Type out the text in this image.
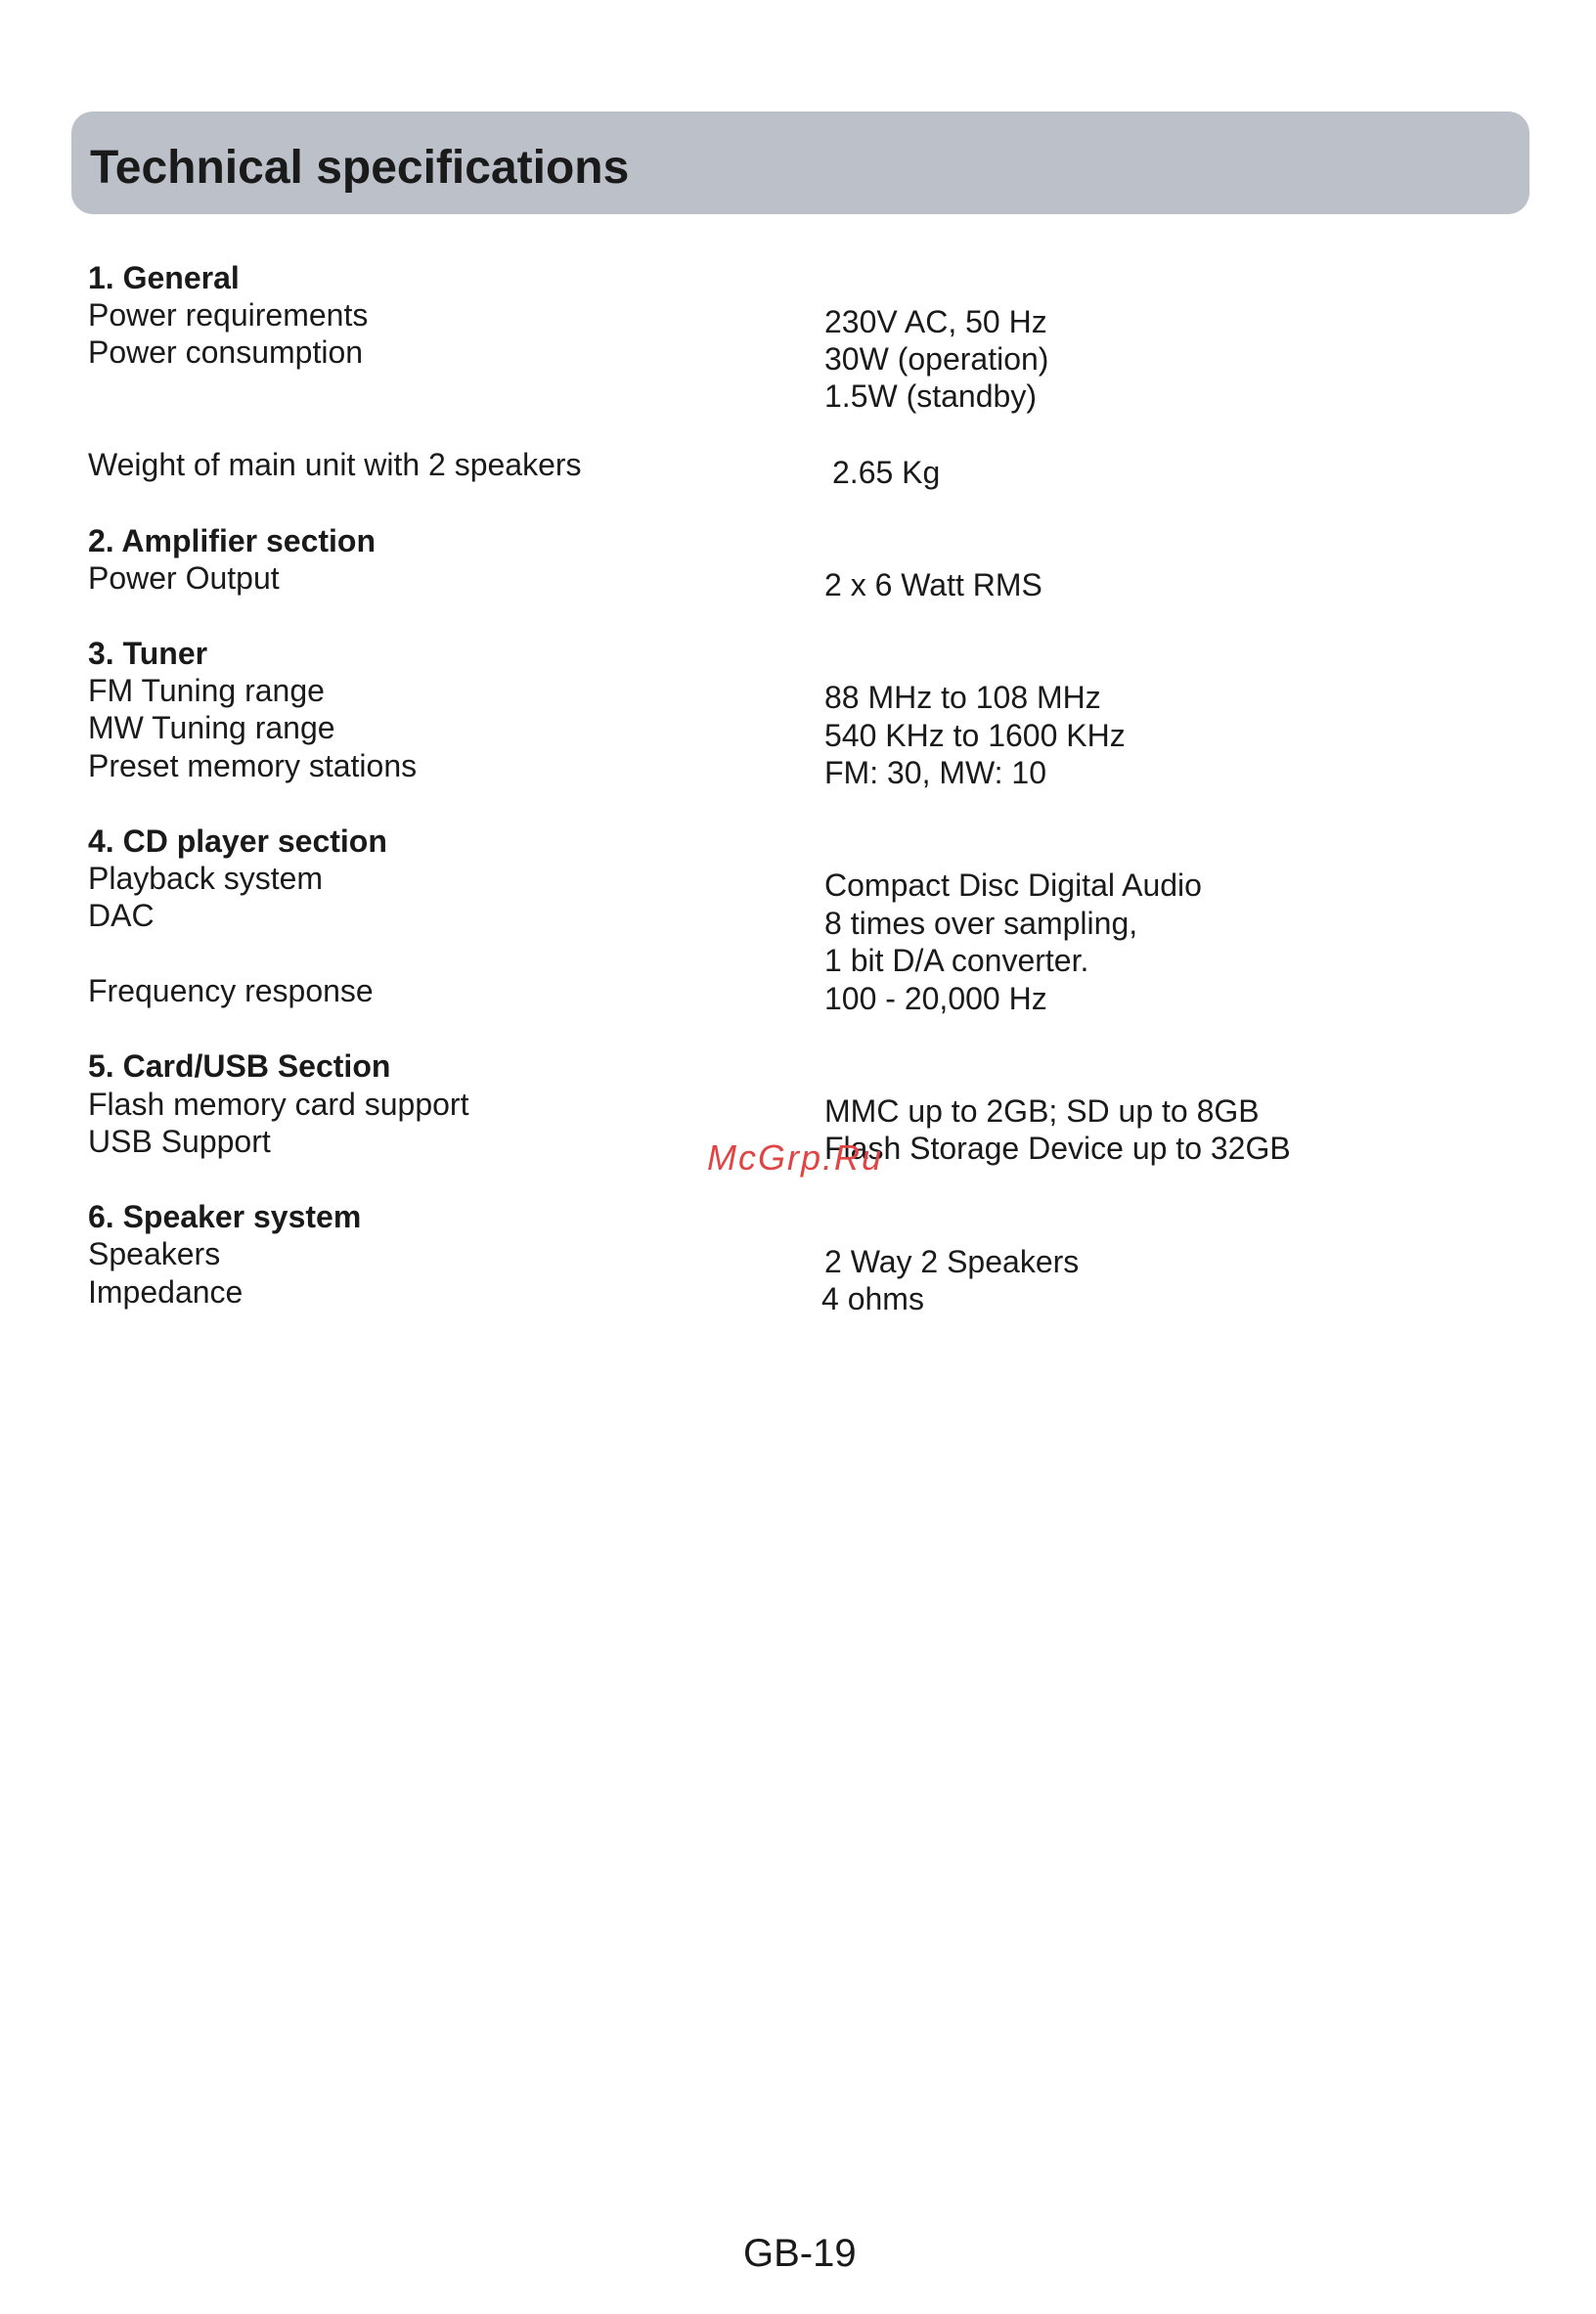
Technical specifications
1. General
Power requirements	230V AC, 50 Hz
Power consumption	30W (operation)
1.5W (standby)
Weight of main unit with 2 speakers	2.65 Kg
2. Amplifier section
Power Output	2 x 6 Watt RMS
3. Tuner
FM Tuning range	88 MHz to 108 MHz
MW Tuning range	540 KHz to 1600 KHz
Preset memory stations	FM: 30, MW: 10
4. CD player section
Playback system	Compact Disc Digital Audio
DAC	8 times over sampling,
1 bit D/A converter.
Frequency response	100 - 20,000 Hz
5. Card/USB Section
Flash memory card support	MMC up to 2GB; SD up to 8GB
USB Support	Flash Storage Device up to 32GB
6. Speaker system
Speakers	2 Way 2 Speakers
Impedance	4 ohms
McGrp.Ru
GB-19
